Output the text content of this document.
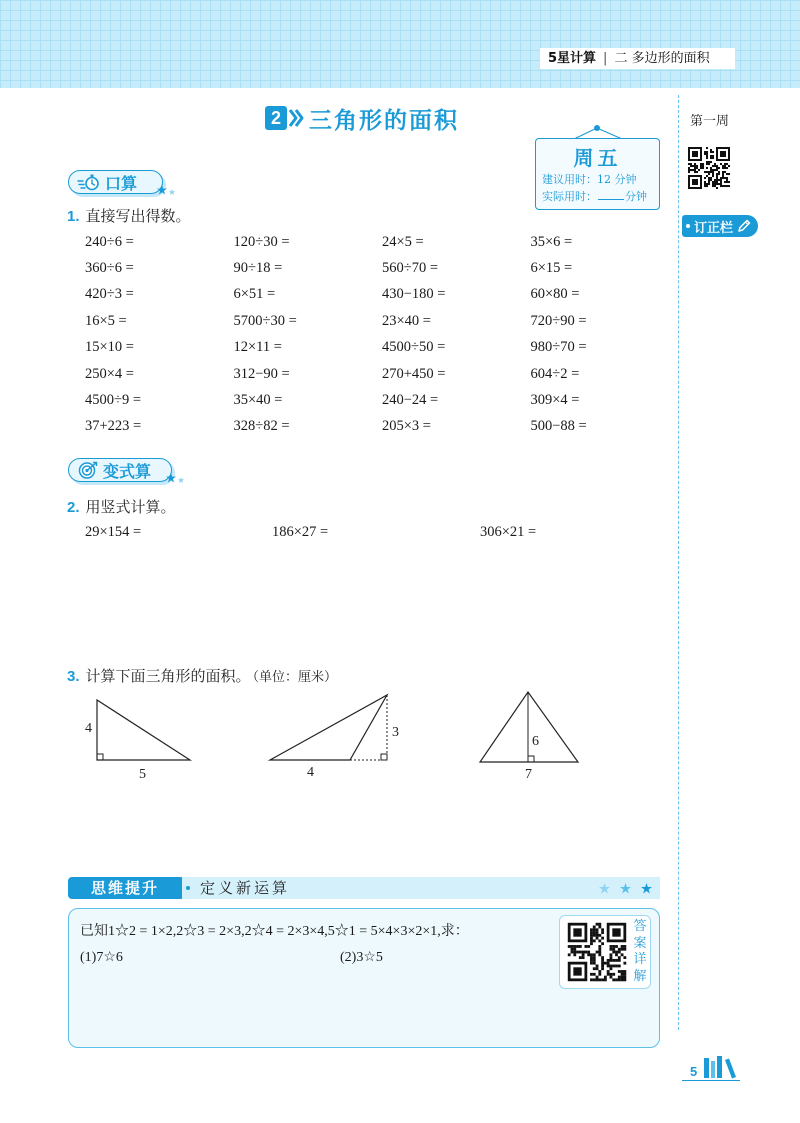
5星计算 | 二 多边形的面积
2 三角形的面积
周五
建议用时：12 分钟
实际用时：	分钟
第一周
订正栏
口算
1. 直接写出得数。
240÷6 =	120÷30 =	24×5 =	35×6 =
360÷6 =	90÷18 =	560÷70 =	6×15 =
420÷3 =	6×51 =	430−180 =	60×80 =
16×5 =	5700÷30 =	23×40 =	720÷90 =
15×10 =	12×11 =	4500÷50 =	980÷70 =
250×4 =	312−90 =	270+450 =	604÷2 =
4500÷9 =	35×40 =	240−24 =	309×4 =
37+223 =	328÷82 =	205×3 =	500−88 =
变式算
2. 用竖式计算。
29×154 =	186×27 =	306×21 =
3. 计算下面三角形的面积。 （单位：厘米）
4
5
3
4
6
7
思维提升	定义新运算
已知1☆2 = 1×2,2☆3 = 2×3,2☆4 = 2×3×4,5☆1 = 5×4×3×2×1,求：
(1)7☆6	(2)3☆5
答案详解
5
